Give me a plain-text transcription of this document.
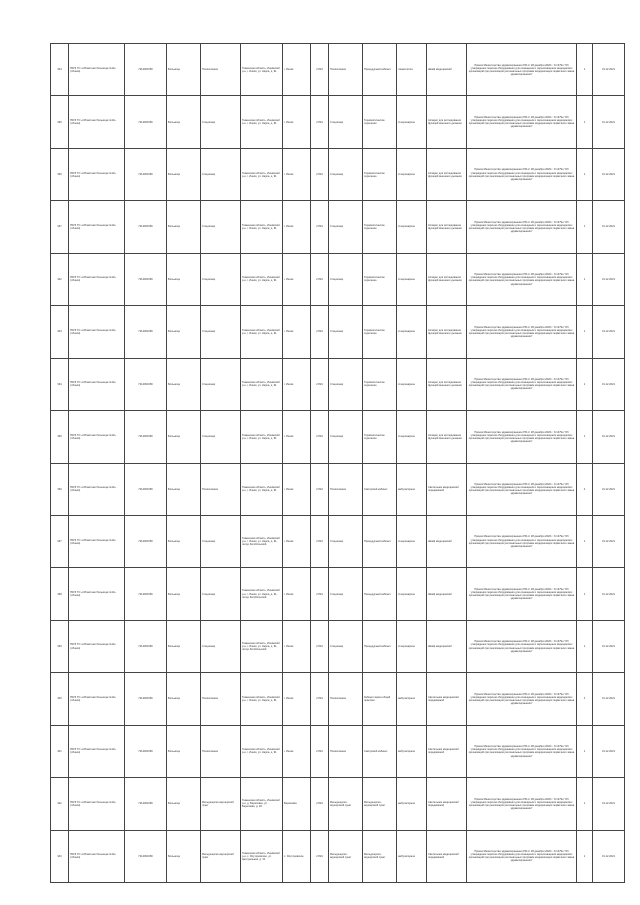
334	ГБУЗ ТО «Областная больница №13» (г.Ишим)	7214001666	Больница	Поликлиника	Тюменская область, Ишимский р-н, г. Ишим, ул. Карла, д. 91	г. Ишим	2 824	Поликлиника	Процедурный кабинет	гинекология	Шкаф медицинский	Приказ Министерства здравоохранения РФ от 28 декабря 2020 г. N 1379н "Об утверждении перечня оборудования для оснащения и переоснащения медицинских организаций при реализации региональных программ модернизации первичного звена здравоохранения"	1	31.12.2021
335	ГБУЗ ТО «Областная больница №13» (г.Ишим)	7214001666	Больница	Стационар	Тюменская область, Ишимский р-н, г. Ишим, ул. Карла, д. 91	г. Ишим	2 824	Стационар	Терапевтическое отделение	стационарное	Аппарат для исследования функций внешнего дыхания	Приказ Министерства здравоохранения РФ от 28 декабря 2020 г. N 1379н "Об утверждении перечня оборудования для оснащения и переоснащения медицинских организаций при реализации региональных программ модернизации первичного звена здравоохранения"	1	31.12.2021
336	ГБУЗ ТО «Областная больница №13» (г.Ишим)	7214001666	Больница	Стационар	Тюменская область, Ишимский р-н, г. Ишим, ул. Карла, д. 91	г. Ишим	2 824	Стационар	Терапевтическое отделение	стационарное	Аппарат для исследования функций внешнего дыхания	Приказ Министерства здравоохранения РФ от 28 декабря 2020 г. N 1379н "Об утверждении перечня оборудования для оснащения и переоснащения медицинских организаций при реализации региональных программ модернизации первичного звена здравоохранения"	1	31.12.2021
337	ГБУЗ ТО «Областная больница №13» (г.Ишим)	7214001666	Больница	Стационар	Тюменская область, Ишимский р-н, г. Ишим, ул. Карла, д. 91	г. Ишим	2 824	Стационар	Терапевтическое отделение	стационарное	Аппарат для исследования функций внешнего дыхания	Приказ Министерства здравоохранения РФ от 28 декабря 2020 г. N 1379н "Об утверждении перечня оборудования для оснащения и переоснащения медицинских организаций при реализации региональных программ модернизации первичного звена здравоохранения"	1	31.12.2021
342	ГБУЗ ТО «Областная больница №13» (г.Ишим)	7214001666	Больница	Стационар	Тюменская область, Ишимский р-н, г. Ишим, ул. Карла, д. 91	г. Ишим	2 824	Стационар	Терапевтическое отделение	стационарное	Аппарат для исследования функций внешнего дыхания	Приказ Министерства здравоохранения РФ от 28 декабря 2020 г. N 1379н "Об утверждении перечня оборудования для оснащения и переоснащения медицинских организаций при реализации региональных программ модернизации первичного звена здравоохранения"	1	31.12.2021
343	ГБУЗ ТО «Областная больница №13» (г.Ишим)	7214001666	Больница	Стационар	Тюменская область, Ишимский р-н, г. Ишим, ул. Карла, д. 91	г. Ишим	2 824	Стационар	Терапевтическое отделение	стационарное	Аппарат для исследования функций внешнего дыхания	Приказ Министерства здравоохранения РФ от 28 декабря 2020 г. N 1379н "Об утверждении перечня оборудования для оснащения и переоснащения медицинских организаций при реализации региональных программ модернизации первичного звена здравоохранения"	1	31.12.2021
334	ГБУЗ ТО «Областная больница №13» (г.Ишим)	7214001666	Больница	Стационар	Тюменская область, Ишимский р-н, г. Ишим, ул. Карла, д. 91	г. Ишим	2 824	Стационар	Терапевтическое отделение	стационарное	Аппарат для исследования функций внешнего дыхания	Приказ Министерства здравоохранения РФ от 28 декабря 2020 г. N 1379н "Об утверждении перечня оборудования для оснащения и переоснащения медицинских организаций при реализации региональных программ модернизации первичного звена здравоохранения"	1	31.12.2021
335	ГБУЗ ТО «Областная больница №13» (г.Ишим)	7214001666	Больница	Стационар	Тюменская область, Ишимский р-н, г. Ишим, ул. Карла, д. 91	г. Ишим	2 824	Стационар	Терапевтическое отделение	стационарное	Аппарат для исследования функций внешнего дыхания	Приказ Министерства здравоохранения РФ от 28 декабря 2020 г. N 1379н "Об утверждении перечня оборудования для оснащения и переоснащения медицинских организаций при реализации региональных программ модернизации первичного звена здравоохранения"	1	31.12.2021
336	ГБУЗ ТО «Областная больница №13» (г.Ишим)	7214001666	Больница	Поликлиника	Тюменская область, Ишимский р-н, г. Ишим, ул. Карла, д. 91	г. Ишим	2 824	Поликлиника	Смотровой кабинет	амбулаторное	Светильник медицинский передвижной	Приказ Министерства здравоохранения РФ от 28 декабря 2020 г. N 1379н "Об утверждении перечня оборудования для оснащения и переоснащения медицинских организаций при реализации региональных программ модернизации первичного звена здравоохранения"	4	31.12.2021
337	ГБУЗ ТО «Областная больница №13» (г.Ишим)	7214001666	Больница	Стационар	Тюменская область, Ишимский р-н, г. Ишим, ул. Карла, д. 91, литер Затобольский	г. Ишим	2 824	Стационар	Процедурный кабинет	стационарное	Шкаф медицинский	Приказ Министерства здравоохранения РФ от 28 декабря 2020 г. N 1379н "Об утверждении перечня оборудования для оснащения и переоснащения медицинских организаций при реализации региональных программ модернизации первичного звена здравоохранения"	1	31.12.2021
338	ГБУЗ ТО «Областная больница №13» (г.Ишим)	7214001666	Больница	Стационар	Тюменская область, Ишимский р-н, г. Ишим, ул. Карла, д. 91, литер Затобольский	г. Ишим	2 824	Стационар	Процедурный кабинет	стационарное	Шкаф медицинский	Приказ Министерства здравоохранения РФ от 28 декабря 2020 г. N 1379н "Об утверждении перечня оборудования для оснащения и переоснащения медицинских организаций при реализации региональных программ модернизации первичного звена здравоохранения"	1	31.12.2021
339	ГБУЗ ТО «Областная больница №13» (г.Ишим)	7214001666	Больница	Стационар	Тюменская область, Ишимский р-н, г. Ишим, ул. Карла, д. 91, литер Затобольский	г. Ишим	2 824	Стационар	Процедурный кабинет	стационарное	Шкаф медицинский	Приказ Министерства здравоохранения РФ от 28 декабря 2020 г. N 1379н "Об утверждении перечня оборудования для оснащения и переоснащения медицинских организаций при реализации региональных программ модернизации первичного звена здравоохранения"	1	31.12.2021
340	ГБУЗ ТО «Областная больница №13» (г.Ишим)	7214001666	Больница	Поликлиника	Тюменская область, Ишимский р-н, г. Ишим, ул. Карла, д. 91	г. Ишим	2 824	Поликлиника	Кабинет врача общей практики	амбулаторное	Светильник медицинский передвижной	Приказ Министерства здравоохранения РФ от 28 декабря 2020 г. N 1379н "Об утверждении перечня оборудования для оснащения и переоснащения медицинских организаций при реализации региональных программ модернизации первичного звена здравоохранения"	4	31.12.2021
341	ГБУЗ ТО «Областная больница №13» (г.Ишим)	7214001666	Больница	Поликлиника	Тюменская область, Ишимский р-н, г. Ишим, ул. Карла, д. 91	г. Ишим	2 824	Поликлиника	Смотровой кабинет	амбулаторное	Светильник медицинский передвижной	Приказ Министерства здравоохранения РФ от 28 декабря 2020 г. N 1379н "Об утверждении перечня оборудования для оснащения и переоснащения медицинских организаций при реализации региональных программ модернизации первичного звена здравоохранения"	1	31.12.2021
342	ГБУЗ ТО «Областная больница №13» (г.Ишим)	7214001666	Больница	Фельдшерско-акушерский пункт	Тюменская область, Ишимский р-н, д. Березовка, ул. Береговая, д. 18	Березовка	2 824	Фельдшерско-акушерский пункт	Фельдшерско-акушерский пункт	амбулаторное	Светильник медицинский передвижной	Приказ Министерства здравоохранения РФ от 28 декабря 2020 г. N 1379н "Об утверждении перечня оборудования для оснащения и переоснащения медицинских организаций при реализации региональных программ модернизации первичного звена здравоохранения"	1	31.12.2021
343	ГБУЗ ТО «Областная больница №13» (г.Ишим)	7214001666	Больница	Фельдшерско-акушерский пункт	Тюменская область, Ишимский р-н, с. Ялуторовское, ул. Центральная, д. 31	с. Ялуторовское	2 824	Фельдшерско-акушерский пункт	Фельдшерско-акушерский пункт	амбулаторное	Светильник медицинский передвижной	Приказ Министерства здравоохранения РФ от 28 декабря 2020 г. N 1379н "Об утверждении перечня оборудования для оснащения и переоснащения медицинских организаций при реализации региональных программ модернизации первичного звена здравоохранения"	1	31.12.2021
